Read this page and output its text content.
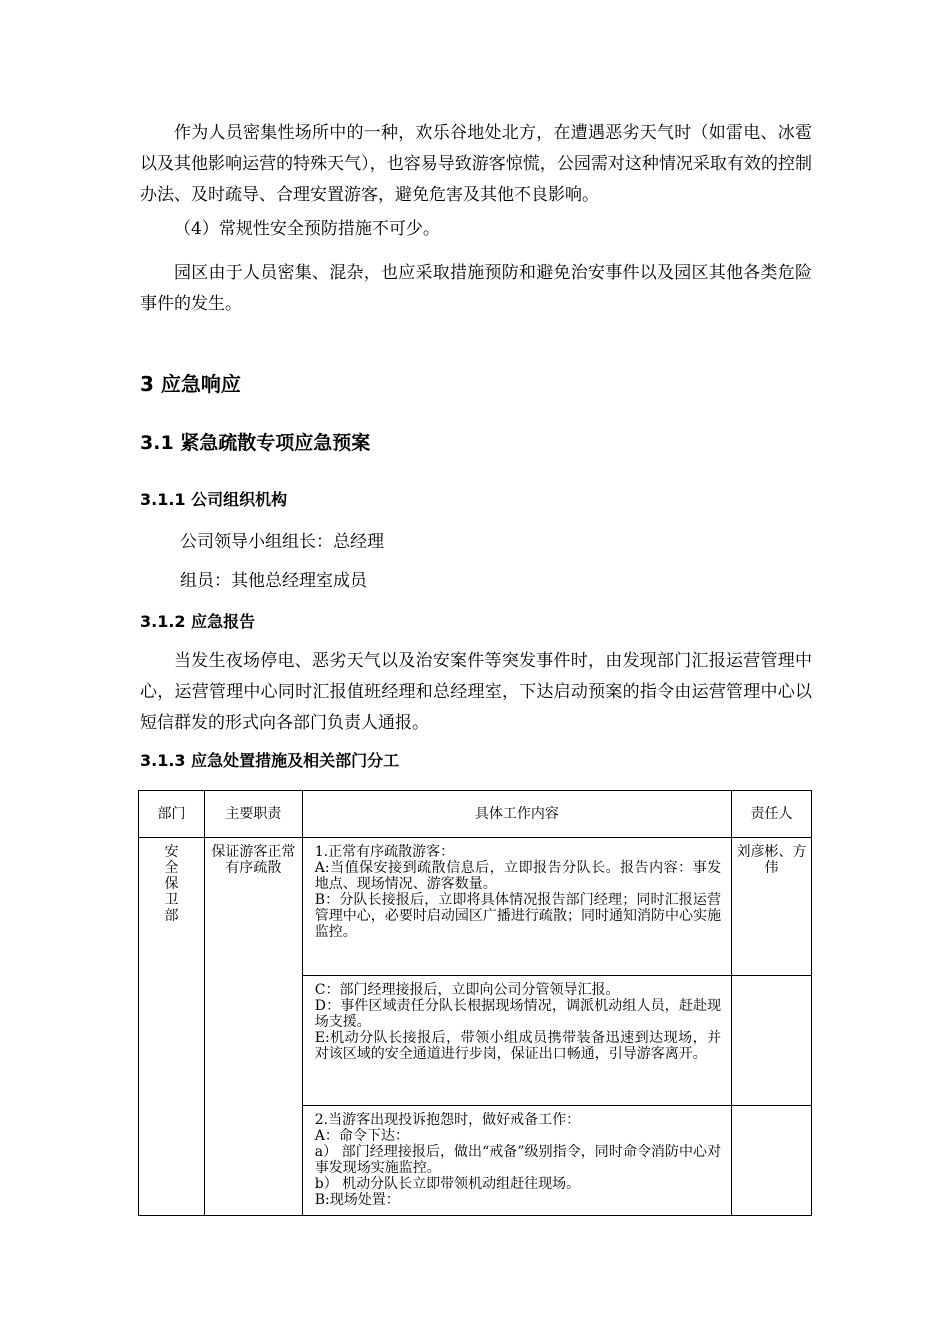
作为人员密集性场所中的一种，欢乐谷地处北方，在遭遇恶劣天气时（如雷电、冰雹以及其他影响运营的特殊天气），也容易导致游客惊慌，公园需对这种情况采取有效的控制办法、及时疏导、合理安置游客，避免危害及其他不良影响。

（4）常规性安全预防措施不可少。

园区由于人员密集、混杂，也应采取措施预防和避免治安事件以及园区其他各类危险事件的发生。

3 应急响应
3.1 紧急疏散专项应急预案
3.1.1 公司组织机构

公司领导小组组长：总经理

组员：其他总经理室成员

3.1.2 应急报告

当发生夜场停电、恶劣天气以及治安案件等突发事件时，由发现部门汇报运营管理中心，运营管理中心同时汇报值班经理和总经理室，下达启动预案的指令由运营管理中心以短信群发的形式向各部门负责人通报。

3.1.3 应急处置措施及相关部门分工
部门	主要职责	具体工作内容	责任人

安全保卫部	保证游客正常有序疏散	1.正常有序疏散游客：
A:当值保安接到疏散信息后，立即报告分队长。报告内容：事发地点、现场情况、游客数量。
B：分队长接报后，立即将具体情况报告部门经理；同时汇报运营管理中心，必要时启动园区广播进行疏散；同时通知消防中心实施监控。	刘彦彬、方伟

		C：部门经理接报后，立即向公司分管领导汇报。
D：事件区域责任分队长根据现场情况，调派机动组人员，赶赴现场支援。
E:机动分队长接报后，带领小组成员携带装备迅速到达现场，并对该区域的安全通道进行步岗，保证出口畅通，引导游客离开。	

		2.当游客出现投诉抱怨时，做好戒备工作：
A：命令下达：
a） 部门经理接报后，做出“戒备”级别指令，同时命令消防中心对事发现场实施监控。
b） 机动分队长立即带领机动组赶往现场。
B:现场处置：	
